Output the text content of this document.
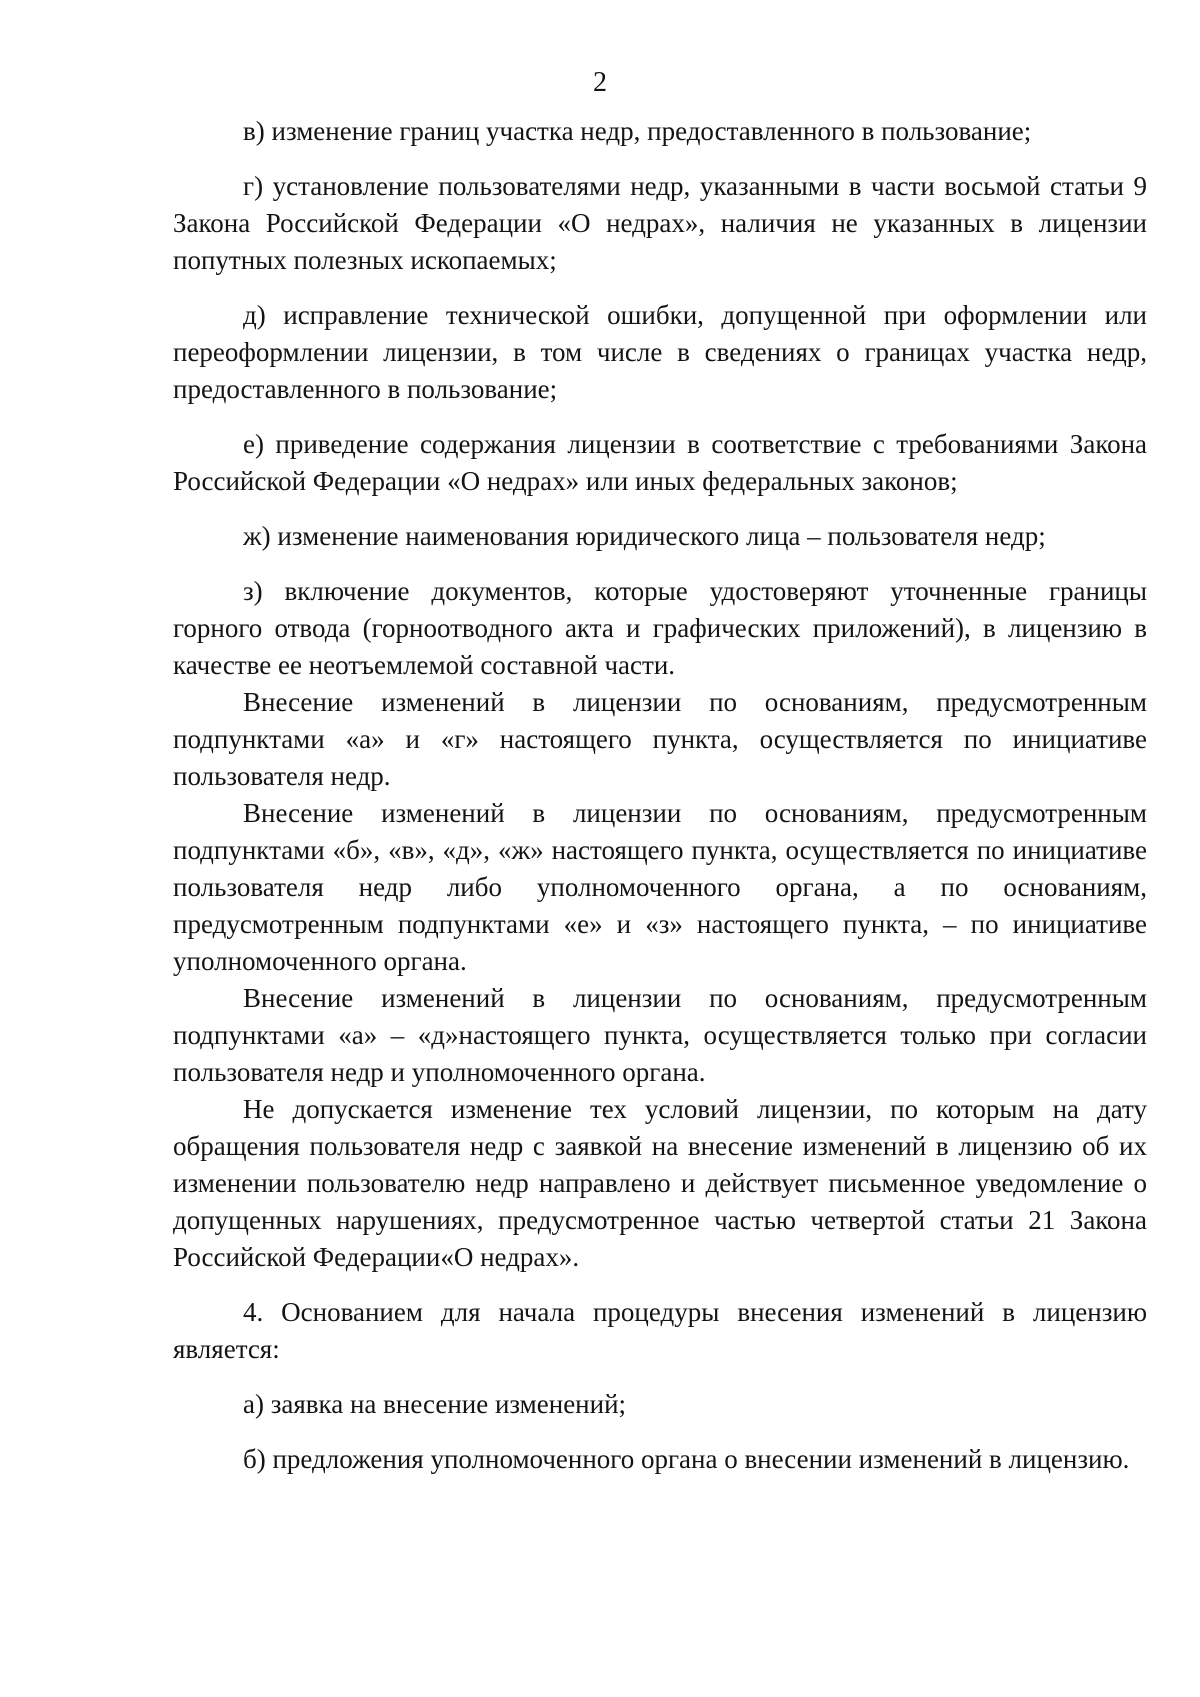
2

в) изменение границ участка недр, предоставленного в пользование;

г) установление пользователями недр, указанными в части восьмой статьи 9 Закона Российской Федерации «О недрах», наличия не указанных в лицензии попутных полезных ископаемых;

д) исправление технической ошибки, допущенной при оформлении или переоформлении лицензии, в том числе в сведениях о границах участка недр, предоставленного в пользование;

е) приведение содержания лицензии в соответствие с требованиями Закона Российской Федерации «О недрах» или иных федеральных законов;

ж) изменение наименования юридического лица – пользователя недр;

з) включение документов, которые удостоверяют уточненные границы горного отвода (горноотводного акта и графических приложений), в лицензию в качестве ее неотъемлемой составной части.

Внесение изменений в лицензии по основаниям, предусмотренным подпунктами «а» и «г» настоящего пункта, осуществляется по инициативе пользователя недр.

Внесение изменений в лицензии по основаниям, предусмотренным подпунктами «б», «в», «д», «ж» настоящего пункта, осуществляется по инициативе пользователя недр либо уполномоченного органа, а по основаниям, предусмотренным подпунктами «е» и «з» настоящего пункта, – по инициативе уполномоченного органа.

Внесение изменений в лицензии по основаниям, предусмотренным подпунктами «а» – «д»настоящего пункта, осуществляется только при согласии пользователя недр и уполномоченного органа.

Не допускается изменение тех условий лицензии, по которым на дату обращения пользователя недр с заявкой на внесение изменений в лицензию об их изменении пользователю недр направлено и действует письменное уведомление о допущенных нарушениях, предусмотренное частью четвертой статьи 21 Закона Российской Федерации«О недрах».

4. Основанием для начала процедуры внесения изменений в лицензию является:

а) заявка на внесение изменений;

б) предложения уполномоченного органа о внесении изменений в лицензию.
